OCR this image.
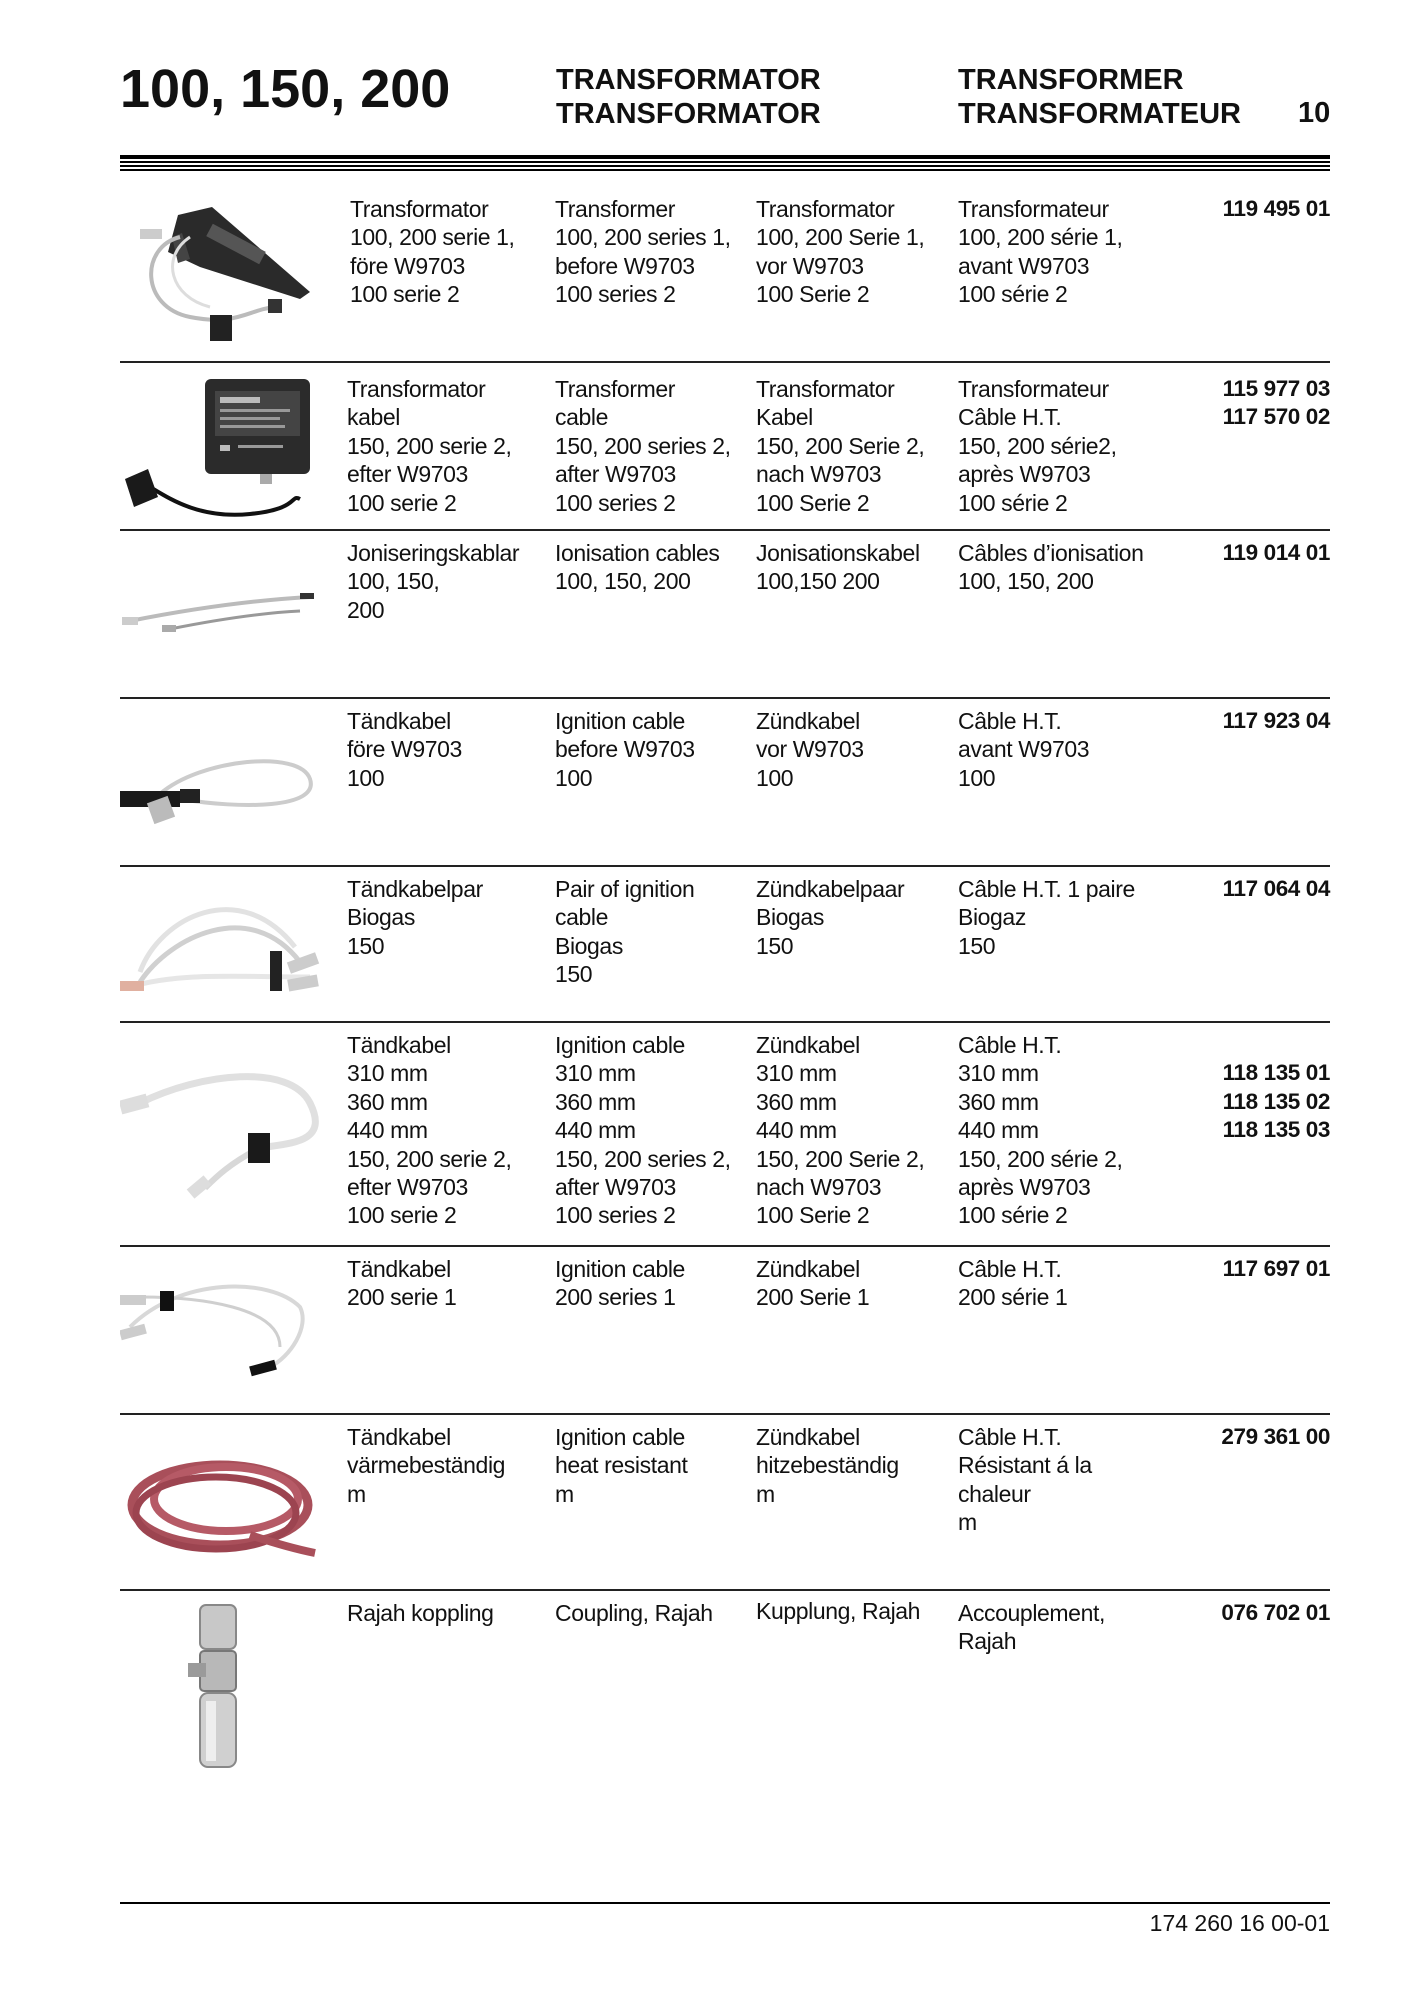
100, 150, 200	TRANSFORMATOR
TRANSFORMATOR
TRANSFORMER
TRANSFORMATEUR 10
Transformator
100, 200 serie 1,
före W9703
100 serie 2
Transformer
100, 200 series 1,
before W9703
100 series 2
Transformator
100, 200 Serie 1,
vor W9703
100 Serie 2
Transformateur
100, 200 série 1,
avant W9703
100 série 2
119 495 01
Transformator
kabel
150, 200 serie 2,
efter W9703
100 serie 2
Transformer
cable
150, 200 series 2,
after W9703
100 series 2
Transformator
Kabel
150, 200 Serie 2,
nach W9703
100 Serie 2
Transformateur
Câble H.T.
150, 200 série2,
après W9703
100 série 2
115 977 03
117 570 02
Joniseringskablar
100, 150,
200
Ionisation cables
100, 150, 200
Jonisationskabel
100,150 200
Câbles d’ionisation
100, 150, 200
119 014 01
Tändkabel
före W9703
100
Ignition cable
before W9703
100
Zündkabel
vor W9703
100
Câble H.T.
avant W9703
100
117 923 04
Tändkabelpar
Biogas
150
Pair of ignition
cable
Biogas
150
Zündkabelpaar
Biogas
150
Câble H.T. 1 paire
Biogaz
150
117 064 04
Tändkabel
310 mm
360 mm
440 mm
150, 200 serie 2,
efter W9703
100 serie 2
Ignition cable
310 mm
360 mm
440 mm
150, 200 series 2,
after W9703
100 series 2
Zündkabel
310 mm
360 mm
440 mm
150, 200 Serie 2,
nach W9703
100 Serie 2
Câble H.T.
310 mm
360 mm
440 mm
150, 200 série 2,
après W9703
100 série 2

118 135 01
118 135 02
118 135 03
Tändkabel
200 serie 1
Ignition cable
200 series 1
Zündkabel
200 Serie 1
Câble H.T.
200 série 1
117 697 01
Tändkabel
värmebeständig
m
Ignition cable
heat resistant
m
Zündkabel
hitzebeständig
m
Câble H.T.
Résistant á la
chaleur
m
279 361 00
Rajah koppling	Coupling, Rajah Kupplung, Rajah Accouplement,
Rajah
076 702 01
174 260 16 00-01
